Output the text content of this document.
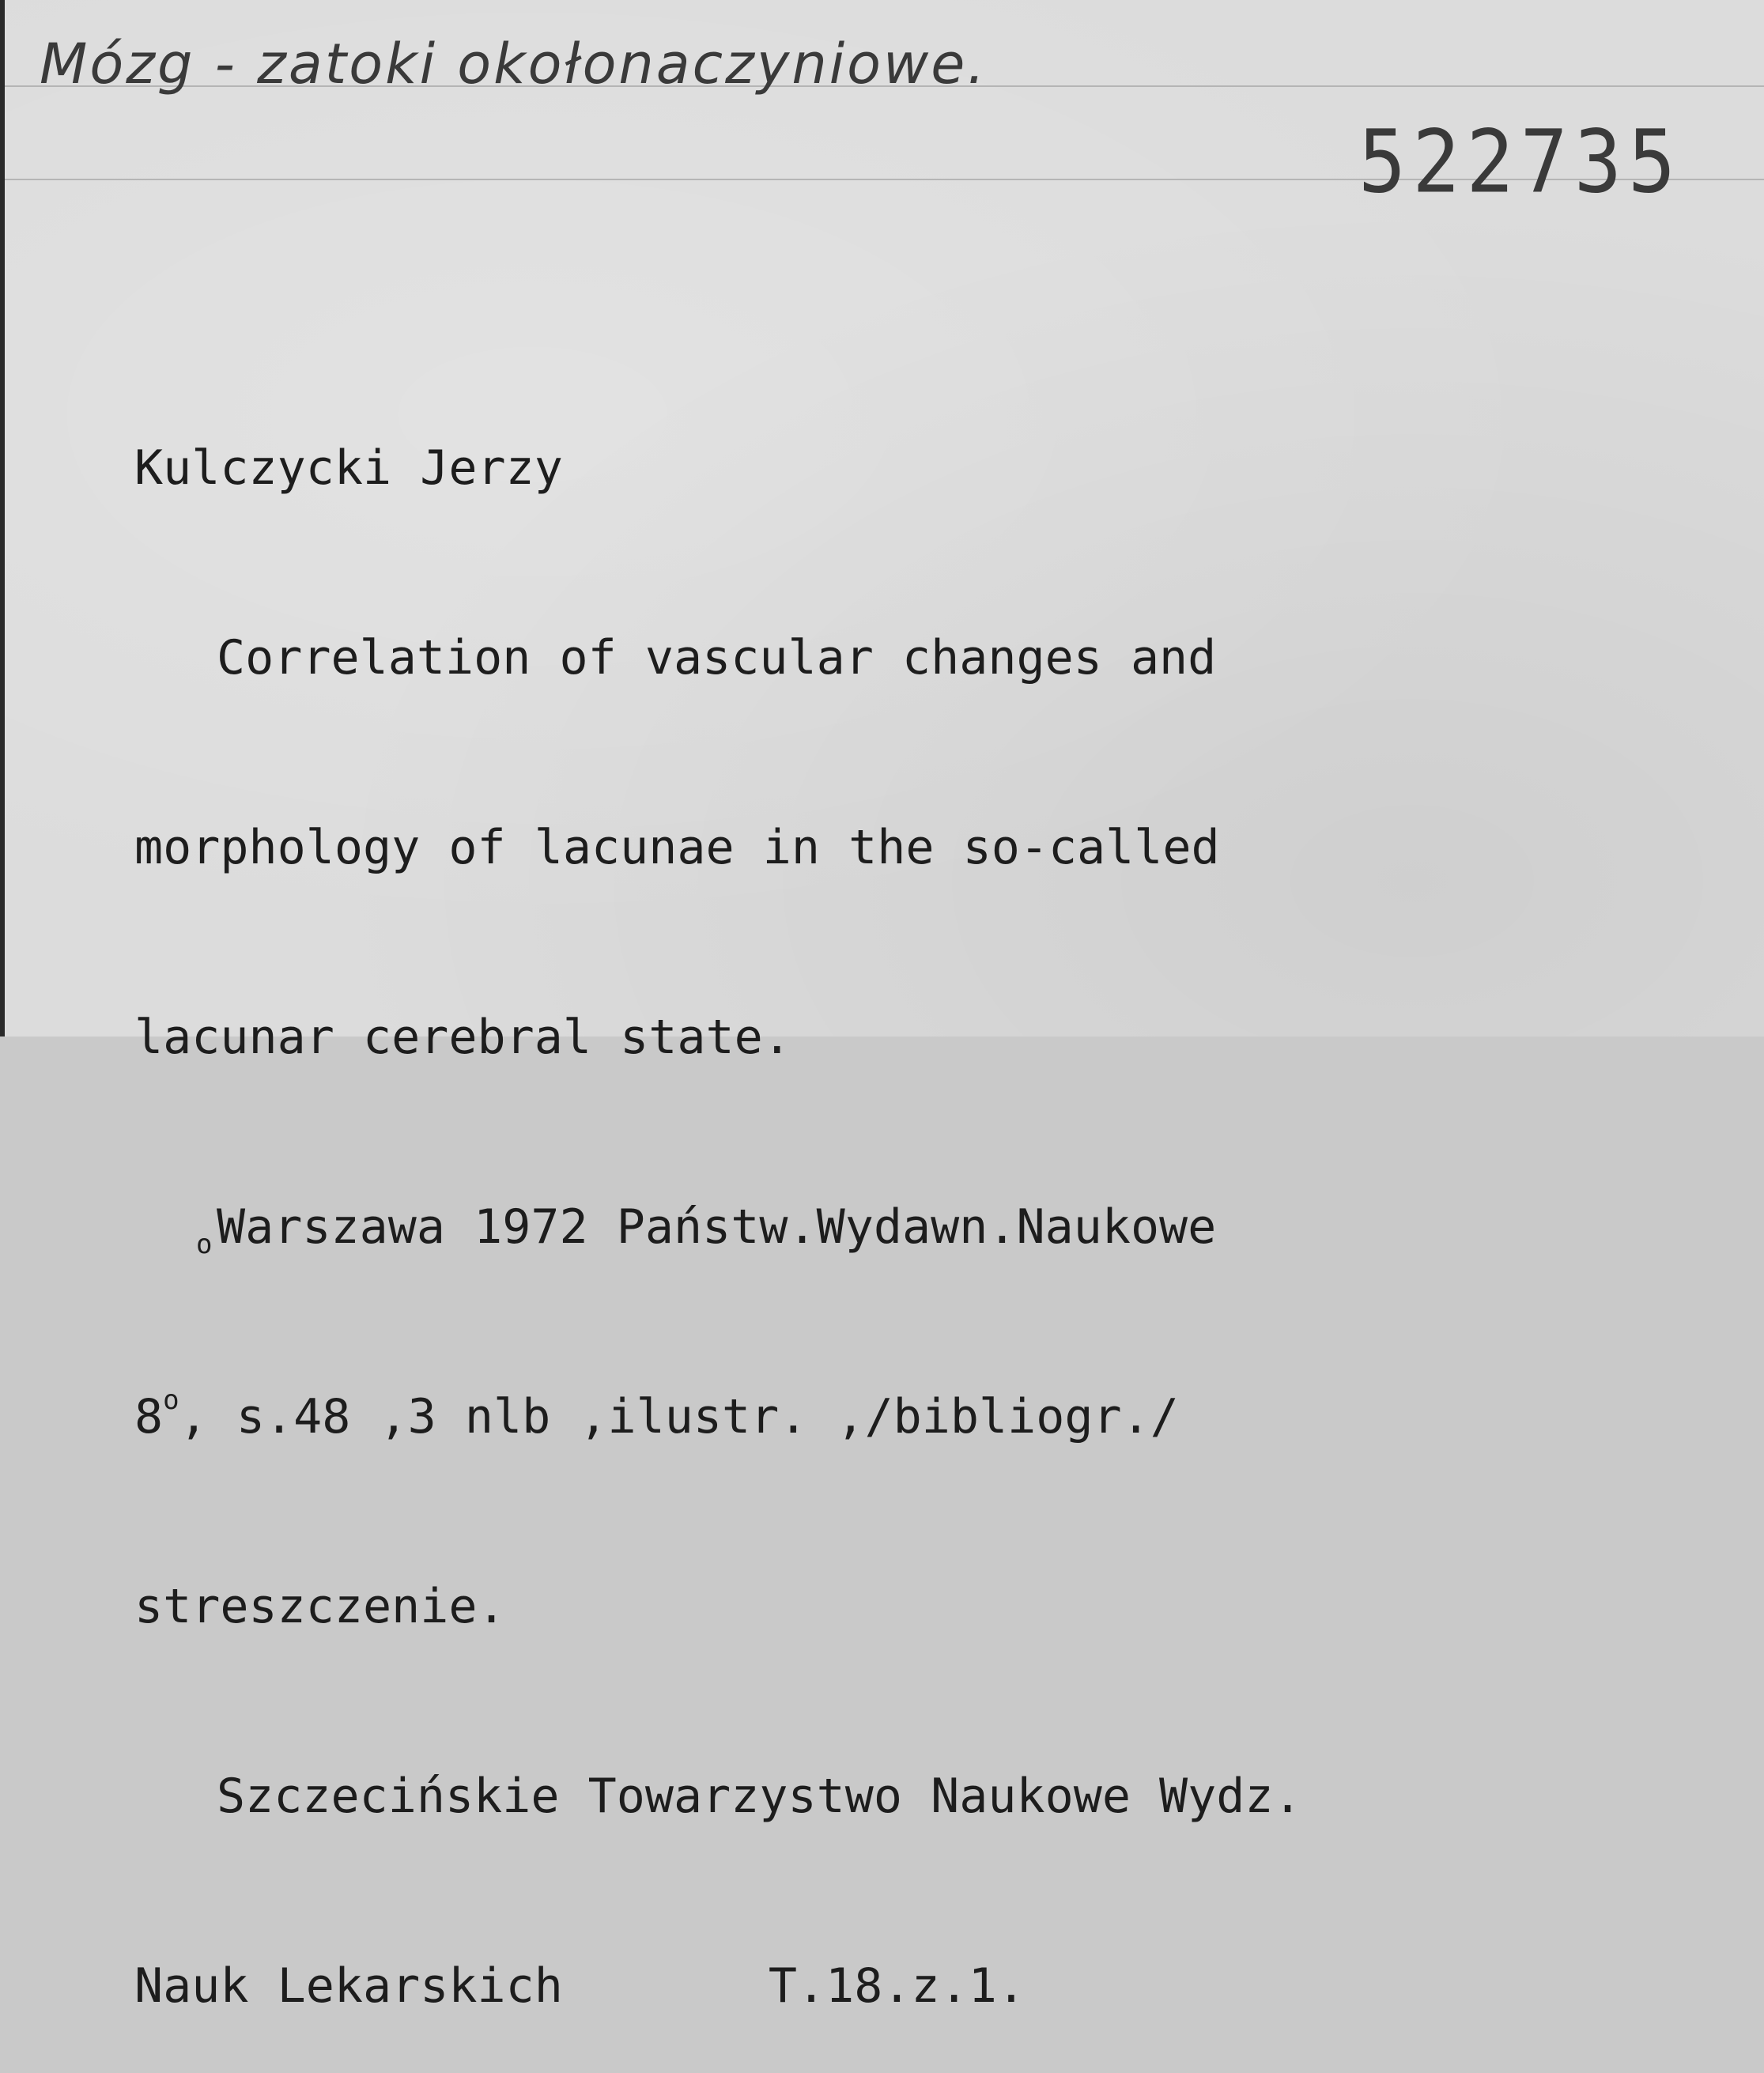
Mózg - zatoki okołonaczyniowe.
522735

Kulczycki Jerzy

Correlation of vascular changes and

morphology of lacunae in the so-called

lacunar cerebral state.

o Warszawa 1972 Państw.Wydawn.Naukowe

8$^o$, s.48 ,3 nlb ,ilustr. ,/bibliogr./

streszczenie.

Szczecińskie Towarzystwo Naukowe Wydz.

Nauk Lekarskich	T.18.z.1.
